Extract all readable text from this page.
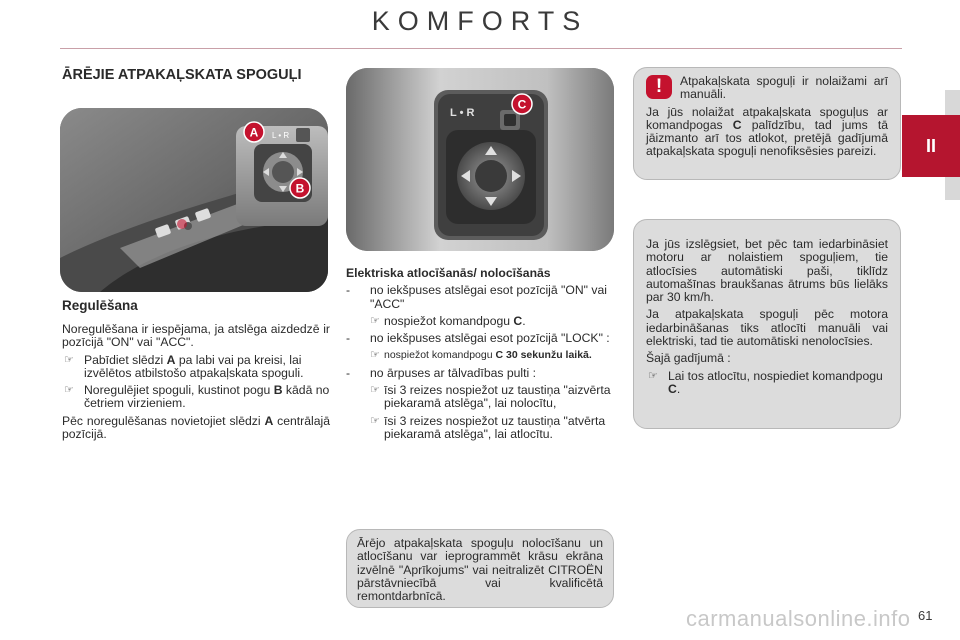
KOMFORTS
II
ĀRĒJIE ATPAKAĻSKATA SPOGUĻI
A
B
L • R
C
L • R
Regulēšana

Noregulēšana ir iespējama, ja atslēga aizdedzē ir pozīcijā "ON" vai "ACC".

☞ Pabīdiet slēdzi A pa labi vai pa kreisi, lai izvēlētos atbilstošo atpakaļskata spoguli.
☞ Noregulējiet spoguli, kustinot pogu B kādā no četriem virzieniem.

Pēc noregulēšanas novietojiet slēdzi A centrālajā pozīcijā.

Elektriska atlocīšanās/ nolocīšanās
- no iekšpuses atslēgai esot pozīcijā "ON" vai "ACC"
☞ nospiežot komandpogu C.
- no iekšpuses atslēgai esot pozīcijā "LOCK" :
☞ nospiežot komandpogu C 30 sekunžu laikā.
- no ārpuses ar tālvadības pulti :
☞ īsi 3 reizes nospiežot uz taustiņa "aizvērta piekaramā atslēga", lai nolocītu,
☞ īsi 3 reizes nospiežot uz taustiņa "atvērta piekaramā atslēga", lai atlocītu.
!	Atpakaļskata spoguļi ir nolaižami arī manuāli.

Ja jūs nolaižat atpakaļskata spoguļus ar komandpogas C palīdzību, tad jums tā jāizmanto arī tos atlokot, pretējā gadījumā atpakaļskata spoguļi nenofiksēsies pareizi.

Ja jūs izslēgsiet, bet pēc tam iedarbināsiet motoru ar nolaistiem spoguļiem, tie atlocīsies automātiski paši, tiklīdz automašīnas braukšanas ātrums būs lielāks par 30 km/h.

Ja atpakaļskata spoguļi pēc motora iedarbināšanas tiks atlocīti manuāli vai elektriski, tad tie automātiski nenolocīsies.

Šajā gadījumā :

☞ Lai tos atlocītu, nospiediet komandpogu C.

Ārējo atpakaļskata spoguļu nolocīšanu un atlocīšanu var ieprogrammēt krāsu ekrāna izvēlnē "Aprīkojums" vai neitralizēt CITROËN pārstāvniecībā vai kvalificētā remontdarbnīcā.

carmanualsonline.info 61
